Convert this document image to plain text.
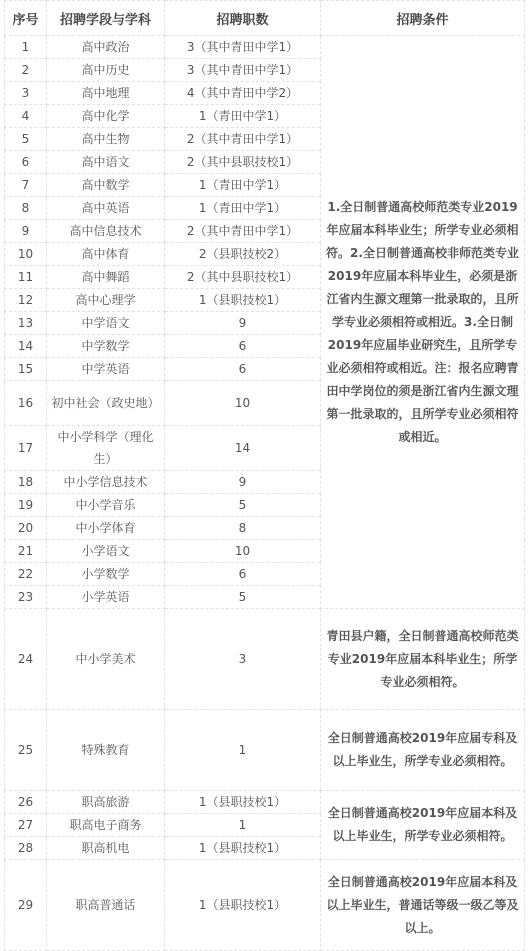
序号	招聘学段与学科	招聘职数	招聘条件
1	高中政治	3（其中青田中学1）	1.全日制普通高校师范类专业2019年应届本科毕业生；所学专业必须相符。2.全日制普通高校非师范类专业2019年应届本科毕业生，必须是浙江省内生源文理第一批录取的，且所学专业必须相符或相近。3.全日制2019年应届毕业研究生，且所学专业必须相符或相近。注：报名应聘青田中学岗位的须是浙江省内生源文理第一批录取的，且所学专业必须相符或相近。
2	高中历史	3（其中青田中学1）	
3	高中地理	4（其中青田中学2）	
4	高中化学	1（青田中学1）	
5	高中生物	2（其中青田中学1）	
6	高中语文	2（其中县职技校1）	
7	高中数学	1（青田中学1）	
8	高中英语	1（青田中学1）	
9	高中信息技术	2（其中青田中学1）	
10	高中体育	2（县职技校2）	
11	高中舞蹈	2（其中县职技校1）	
12	高中心理学	1（县职技校1）	
13	中学语文	9	
14	中学数学	6	
15	中学英语	6	
16	初中社会（政史地）	10	
17	中小学科学（理化生）	14	
18	中小学信息技术	9	
19	中小学音乐	5	
20	中小学体育	8	
21	小学语文	10	
22	小学数学	6	
23	小学英语	5	
24	中小学美术	3	青田县户籍，全日制普通高校师范类专业2019年应届本科毕业生；所学专业必须相符。
25	特殊教育	1	全日制普通高校2019年应届专科及以上毕业生，所学专业必须相符。
26	职高旅游	1（县职技校1）	全日制普通高校2019年应届本科及以上毕业生，所学专业必须相符。
27	职高电子商务	1	
28	职高机电	1（县职技校1）	
29	职高普通话	1（县职技校1）	全日制普通高校2019年应届本科及以上毕业生，普通话等级一级乙等及以上。
